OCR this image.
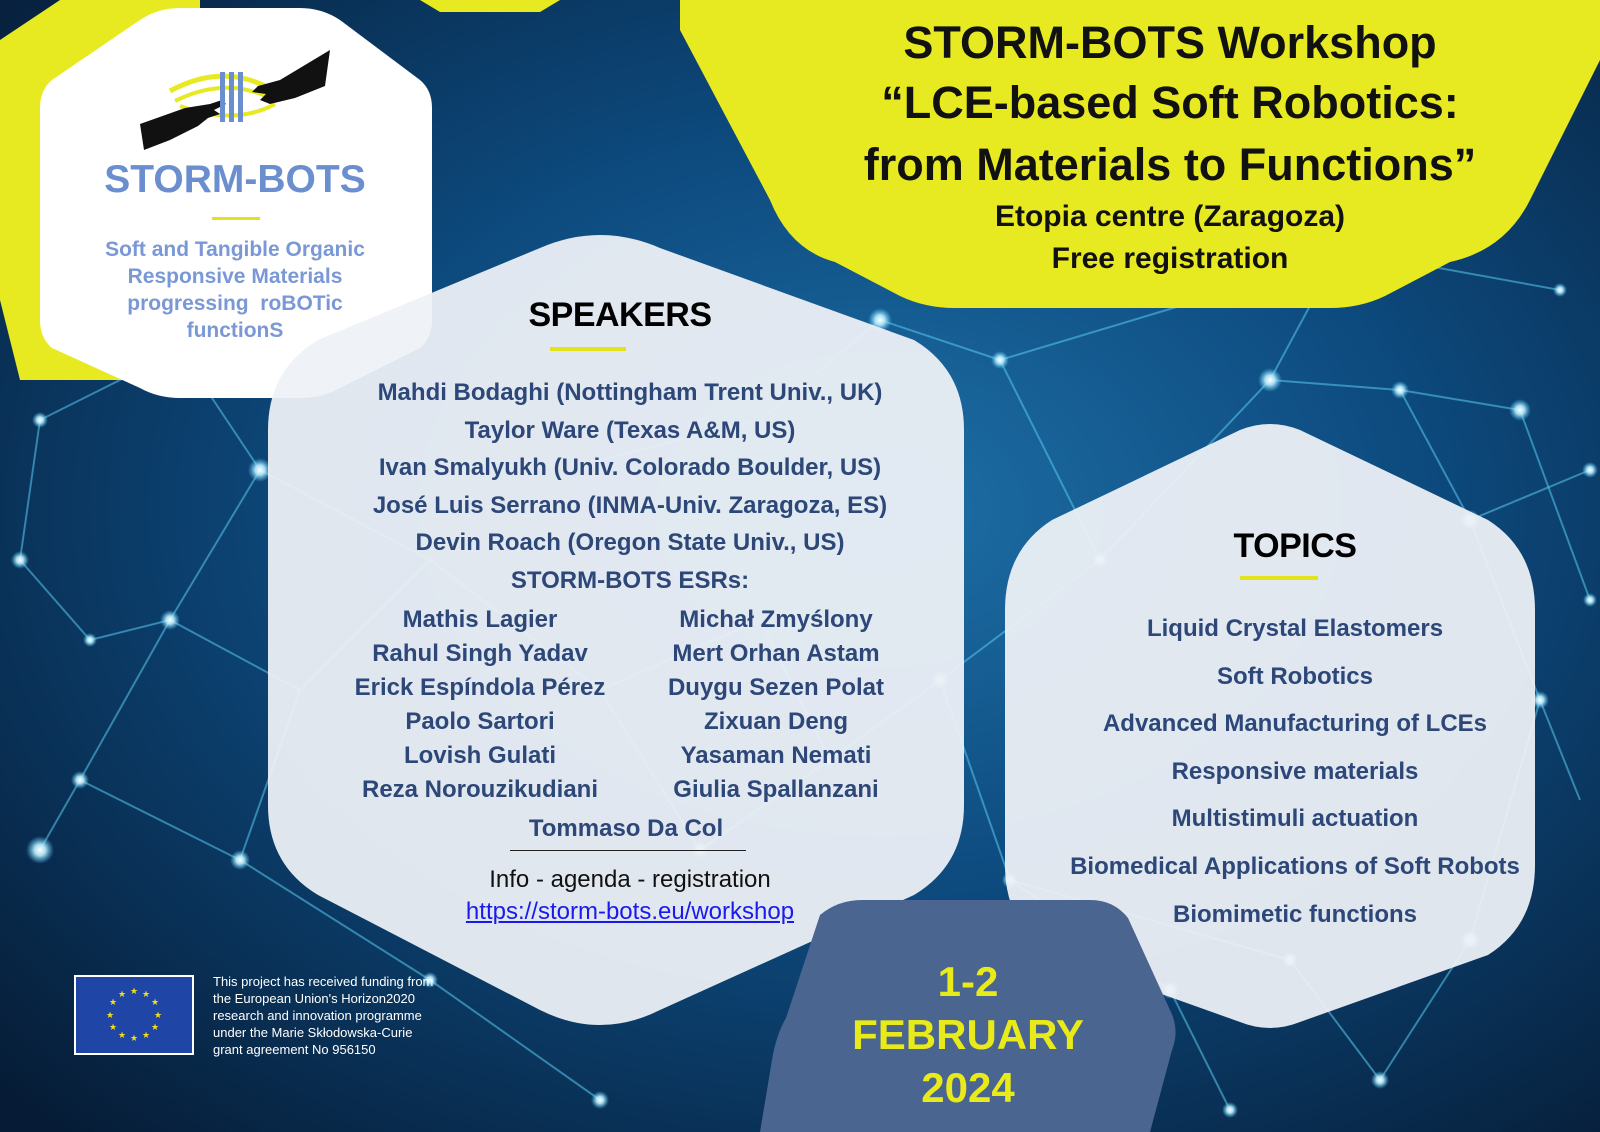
STORM-BOTS Workshop
“LCE-based Soft Robotics:
from Materials to Functions”
Etopia centre (Zaragoza)
Free registration
STORM-BOTS
Soft and Tangible Organic
Responsive Materials
progressing  roBOTic
functionS	SPEAKERS
Mahdi Bodaghi (Nottingham Trent Univ., UK)
Taylor Ware (Texas A&M, US)
Ivan Smalyukh (Univ. Colorado Boulder, US)
José Luis Serrano (INMA-Univ. Zaragoza, ES)
Devin Roach (Oregon State Univ., US)
STORM-BOTS ESRs:
Mathis Lagier
Rahul Singh Yadav
Erick Espíndola Pérez
Paolo Sartori
Lovish Gulati
Reza Norouzikudiani
Michał Zmyślony
Mert Orhan Astam
Duygu Sezen Polat
Zixuan Deng
Yasaman Nemati
Giulia Spallanzani
Tommaso Da Col
Info - agenda - registration
https://storm-bots.eu/workshop
TOPICS
Liquid Crystal Elastomers
Soft Robotics
Advanced Manufacturing of LCEs
Responsive materials
Multistimuli actuation
Biomedical Applications of Soft Robots
Biomimetic functions
1-2
FEBRUARY
2024
★ ★
★
★
★
★
★
★
★
★
★
★
This project has received funding from
the European Union's Horizon2020
research and innovation programme
under the Marie Skłodowska-Curie
grant agreement No 956150
